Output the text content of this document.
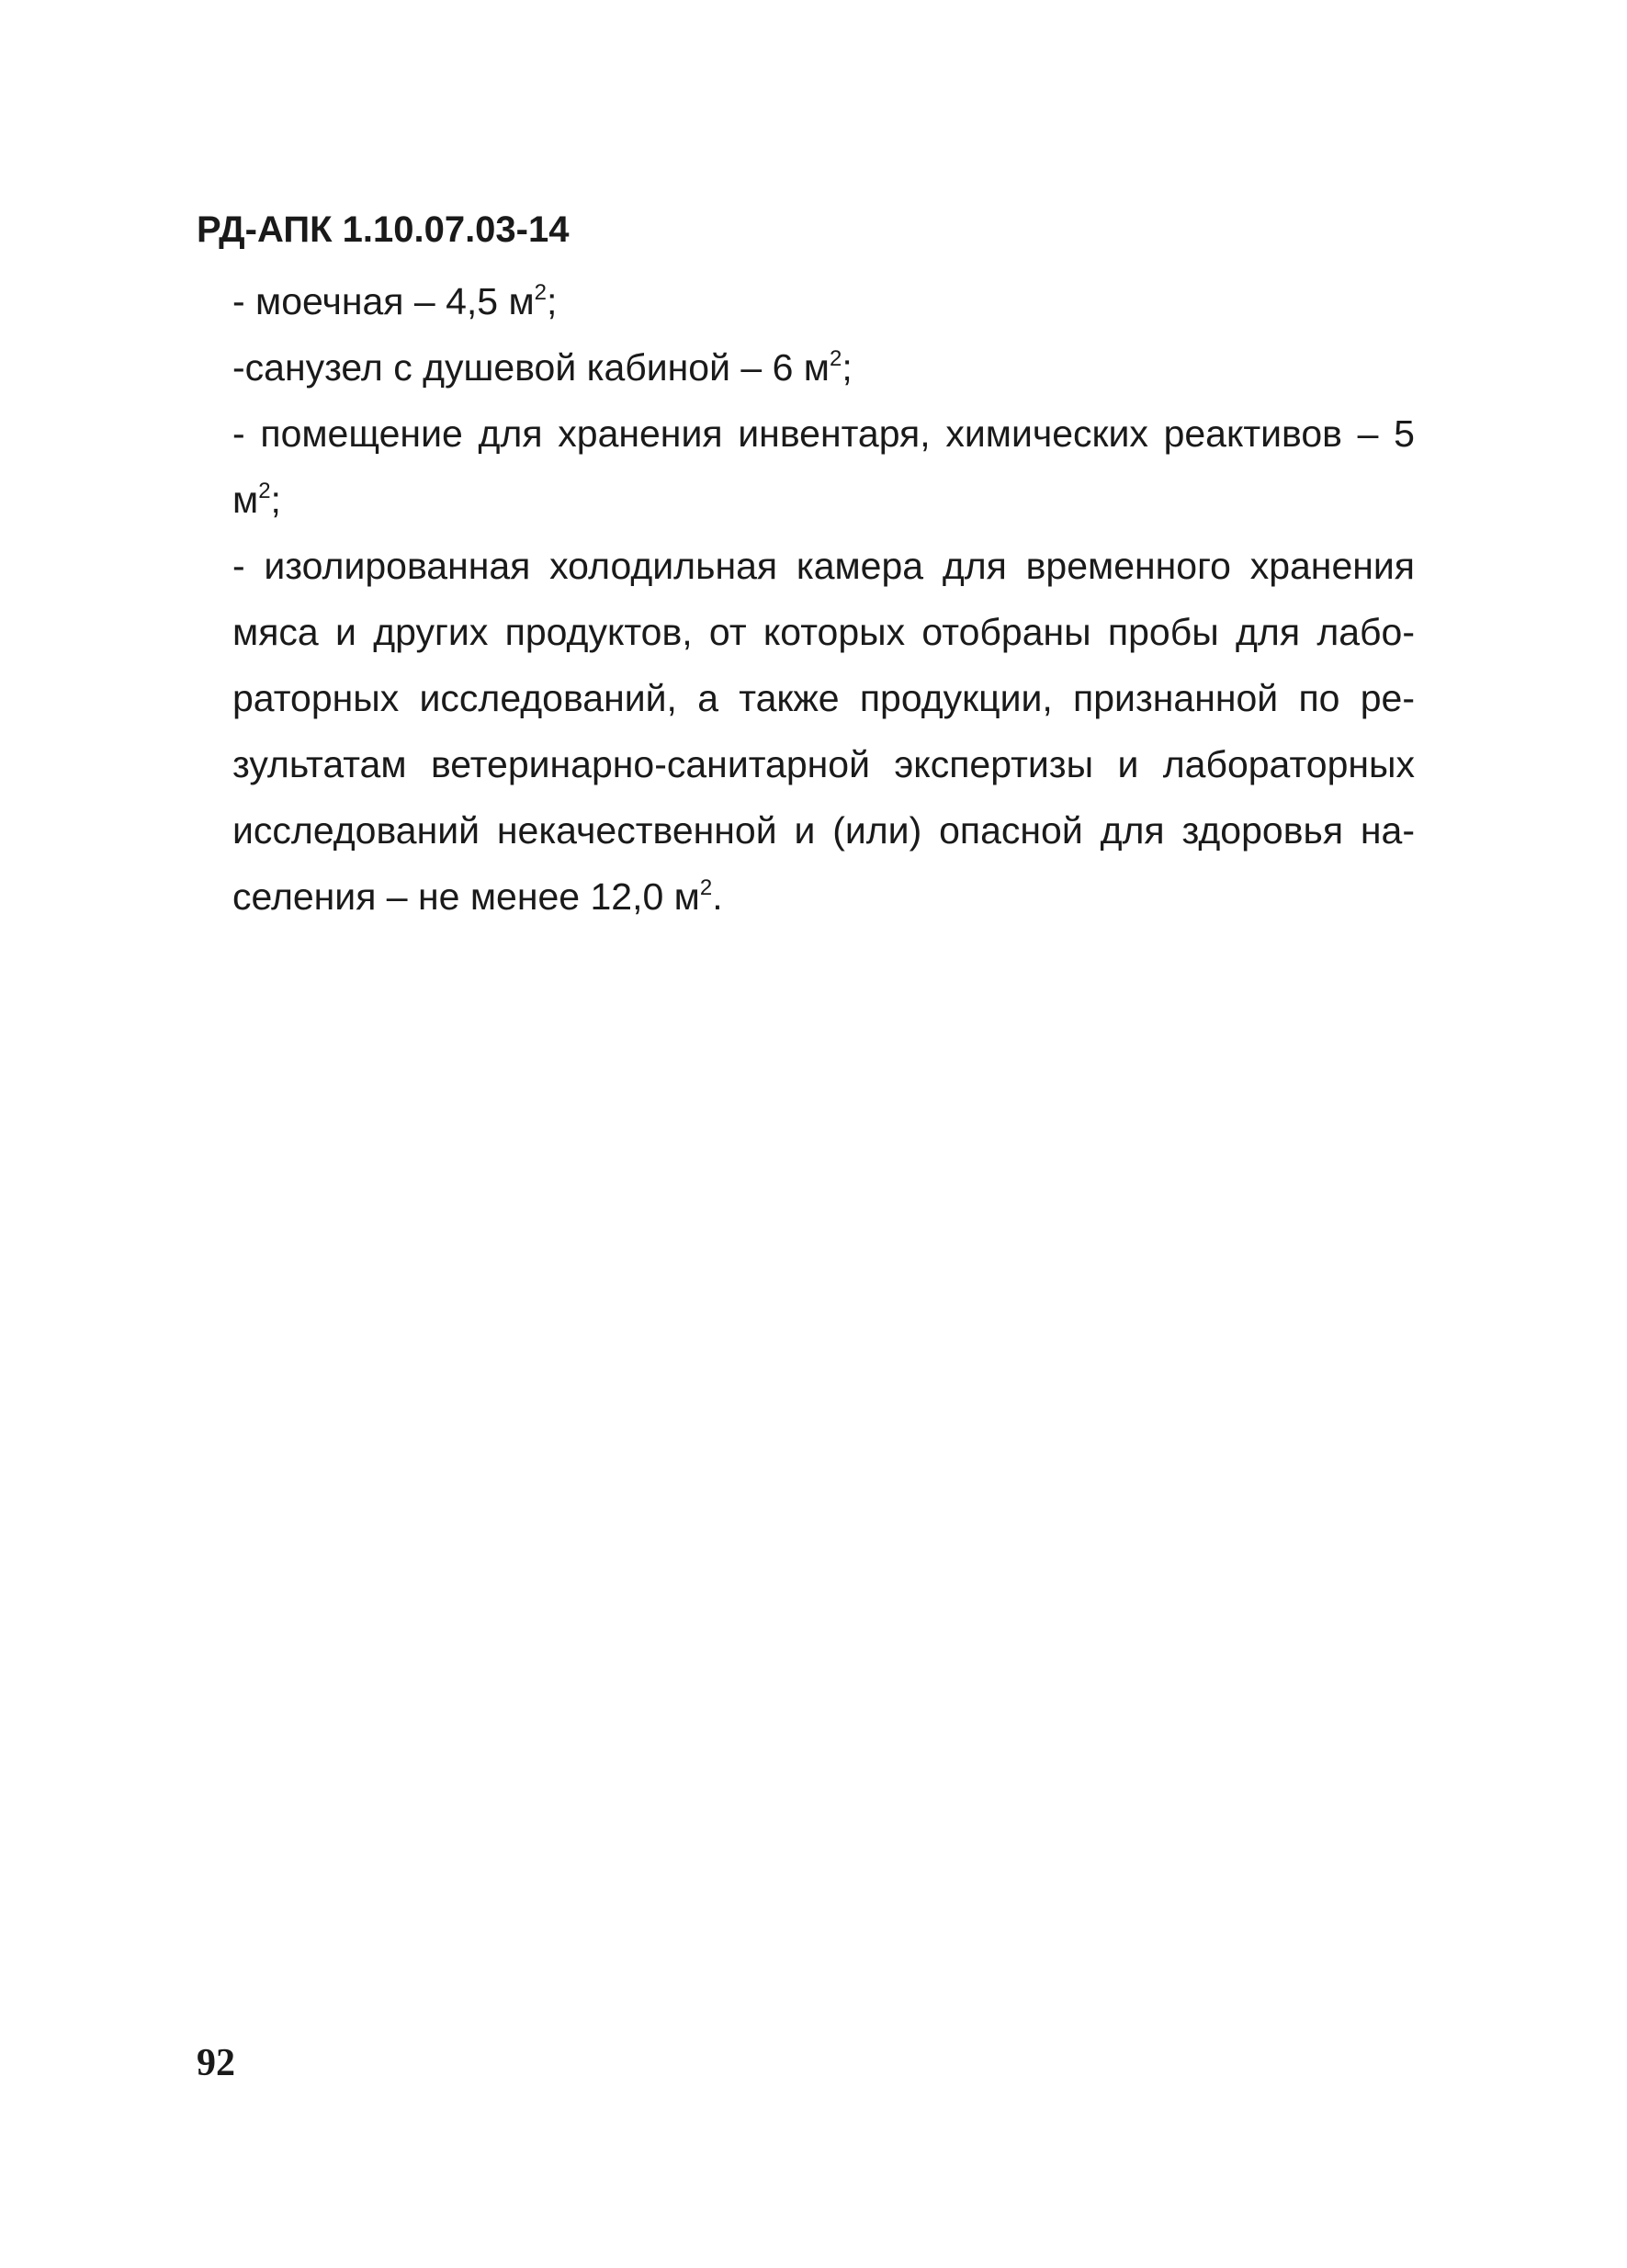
РД-АПК 1.10.07.03-14

- моечная – 4,5 $м^2$;

-санузел с душевой кабиной – 6 $м^2$;

- помещение для хранения инвентаря, химических реактивов – 5 $м^2$;

- изолированная холодильная камера для временного хранения мяса и других продуктов, от которых отобраны пробы для лабораторных исследований, а также продукции, признанной по результатам ветеринарно-санитарной экспертизы и лабораторных исследований некачественной и (или) опасной для здоровья населения – не менее 12,0 $м^2$.

92
